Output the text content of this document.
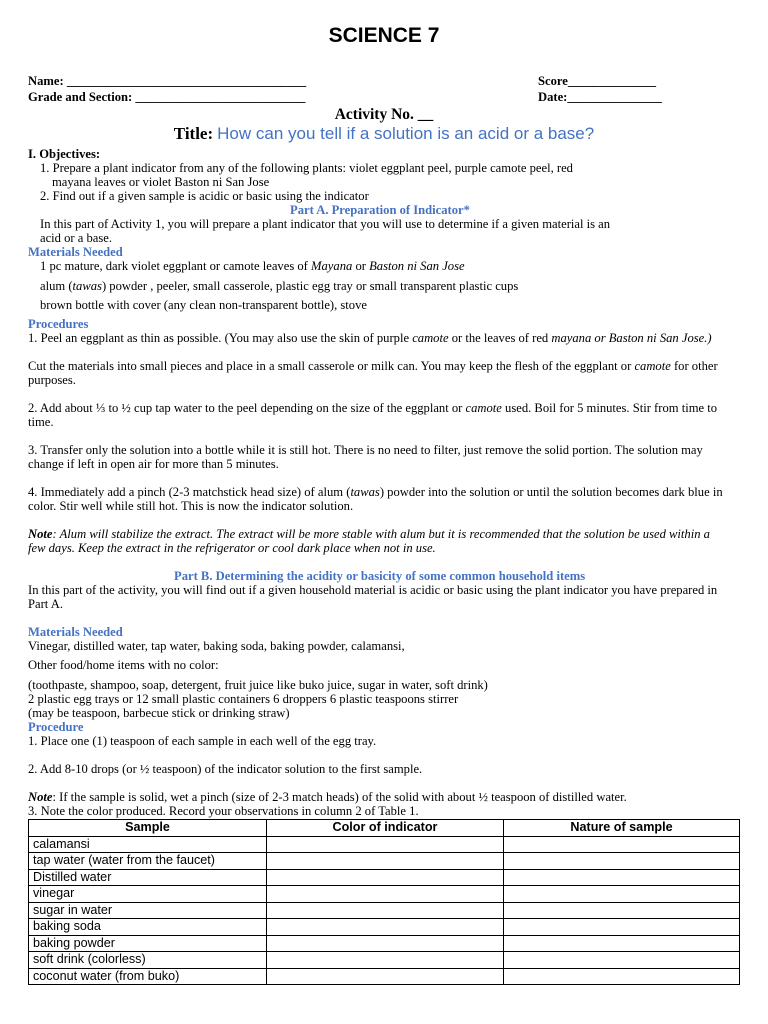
SCIENCE 7
Name: ______________________________________	Score______________
Grade and Section: ___________________________	Date:_______________
Activity No. __
Title: How can you tell if a solution is an acid or a base?
I. Objectives:
1. Prepare a plant indicator from any of the following plants: violet eggplant peel, purple camote peel, red
mayana leaves or violet Baston ni San Jose
2. Find out if a given sample is acidic or basic using the indicator
Part A. Preparation of Indicator*
In this part of Activity 1, you will prepare a plant indicator that you will use to determine if a given material is an
acid or a base.
Materials Needed
1 pc mature, dark violet eggplant or camote leaves of Mayana or Baston ni San Jose
alum (tawas) powder , peeler, small casserole, plastic egg tray or small transparent plastic cups
brown bottle with cover (any clean non-transparent bottle), stove
Procedures
1. Peel an eggplant as thin as possible. (You may also use the skin of purple camote or the leaves of red mayana or Baston ni San Jose.)
Cut the materials into small pieces and place in a small casserole or milk can. You may keep the flesh of the eggplant or camote for other
purposes.
2. Add about ⅓ to ½ cup tap water to the peel depending on the size of the eggplant or camote used. Boil for 5 minutes. Stir from time to
time.
3. Transfer only the solution into a bottle while it is still hot. There is no need to filter, just remove the solid portion. The solution may
change if left in open air for more than 5 minutes.
4. Immediately add a pinch (2-3 matchstick head size) of alum (tawas) powder into the solution or until the solution becomes dark blue in
color. Stir well while still hot. This is now the indicator solution.
Note: Alum will stabilize the extract. The extract will be more stable with alum but it is recommended that the solution be used within a
few days. Keep the extract in the refrigerator or cool dark place when not in use.
Part B. Determining the acidity or basicity of some common household items
In this part of the activity, you will find out if a given household material is acidic or basic using the plant indicator you have prepared in
Part A.
Materials Needed
Vinegar, distilled water, tap water, baking soda, baking powder, calamansi,
Other food/home items with no color:
(toothpaste, shampoo, soap, detergent, fruit juice like buko juice, sugar in water, soft drink)
2 plastic egg trays or 12 small plastic containers 6 droppers 6 plastic teaspoons stirrer
(may be teaspoon, barbecue stick or drinking straw)
Procedure
1. Place one (1) teaspoon of each sample in each well of the egg tray.
2. Add 8-10 drops (or ½ teaspoon) of the indicator solution to the first sample.
Note: If the sample is solid, wet a pinch (size of 2-3 match heads) of the solid with about ½ teaspoon of distilled water.
3. Note the color produced. Record your observations in column 2 of Table 1.
Sample	Color of indicator	Nature of sample
calamansi		
tap water (water from the faucet)		
Distilled water		
vinegar		
sugar in water		
baking soda		
baking powder		
soft drink (colorless)		
coconut water (from buko)		
